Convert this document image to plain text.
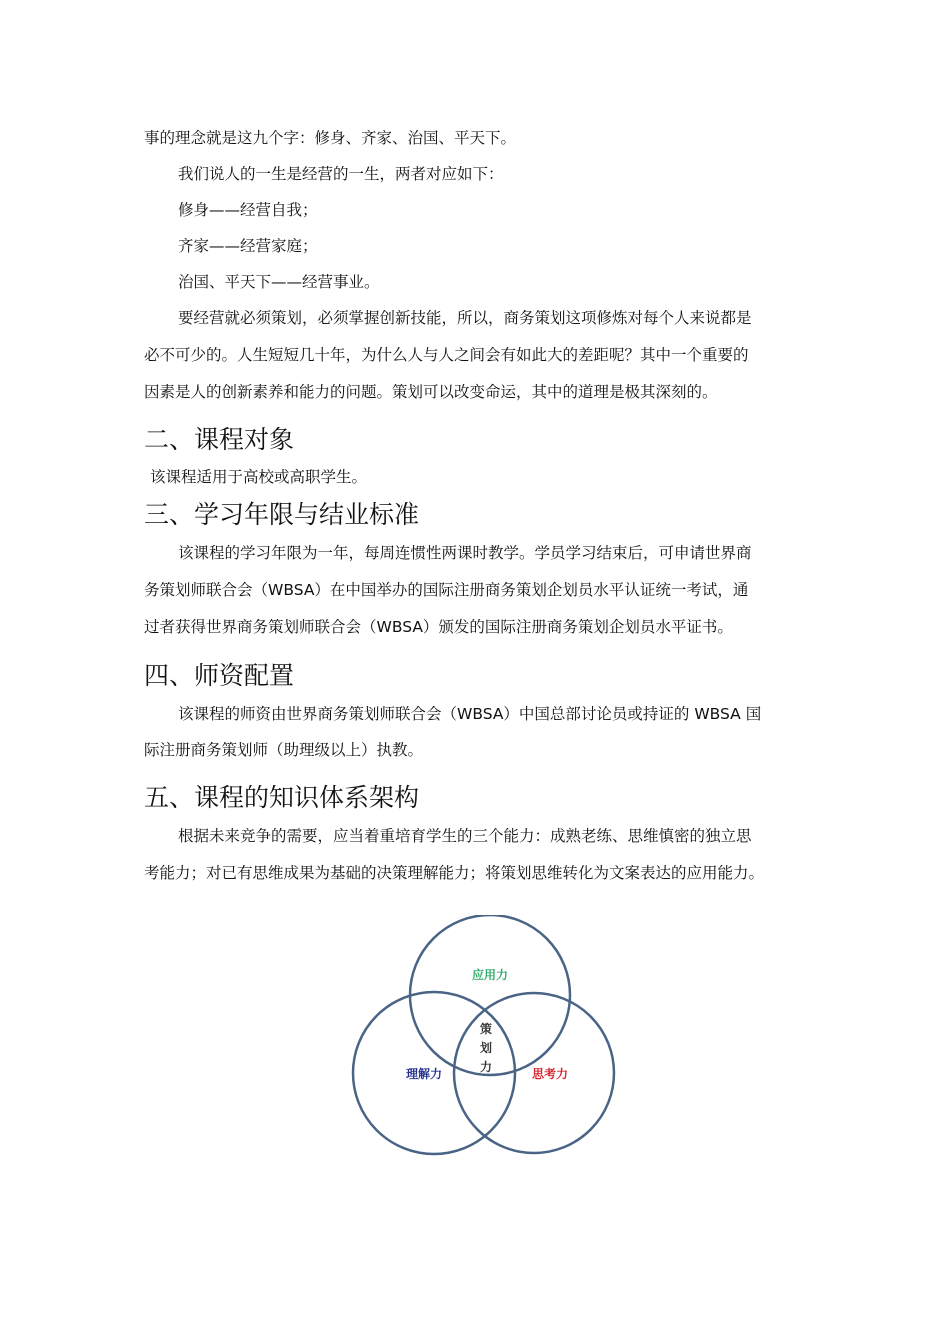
事的理念就是这九个字：修身、齐家、治国、平天下。

我们说人的一生是经营的一生，两者对应如下：

修身——经营自我；

齐家——经营家庭；

治国、平天下——经营事业。

要经营就必须策划，必须掌握创新技能，所以，商务策划这项修炼对每个人来说都是

必不可少的。人生短短几十年，为什么人与人之间会有如此大的差距呢？其中一个重要的

因素是人的创新素养和能力的问题。策划可以改变命运，其中的道理是极其深刻的。

二、课程对象

该课程适用于高校或高职学生。

三、学习年限与结业标准

该课程的学习年限为一年，每周连惯性两课时教学。学员学习结束后，可申请世界商

务策划师联合会（WBSA）在中国举办的国际注册商务策划企划员水平认证统一考试，通

过者获得世界商务策划师联合会（WBSA）颁发的国际注册商务策划企划员水平证书。

四、师资配置

该课程的师资由世界商务策划师联合会（WBSA）中国总部讨论员或持证的 WBSA 国

际注册商务策划师（助理级以上）执教。

五、课程的知识体系架构

根据未来竞争的需要，应当着重培育学生的三个能力：成熟老练、思维慎密的独立思

考能力；对已有思维成果为基础的决策理解能力；将策划思维转化为文案表达的应用能力。

应用力
理解力	思考力
策
划
力
